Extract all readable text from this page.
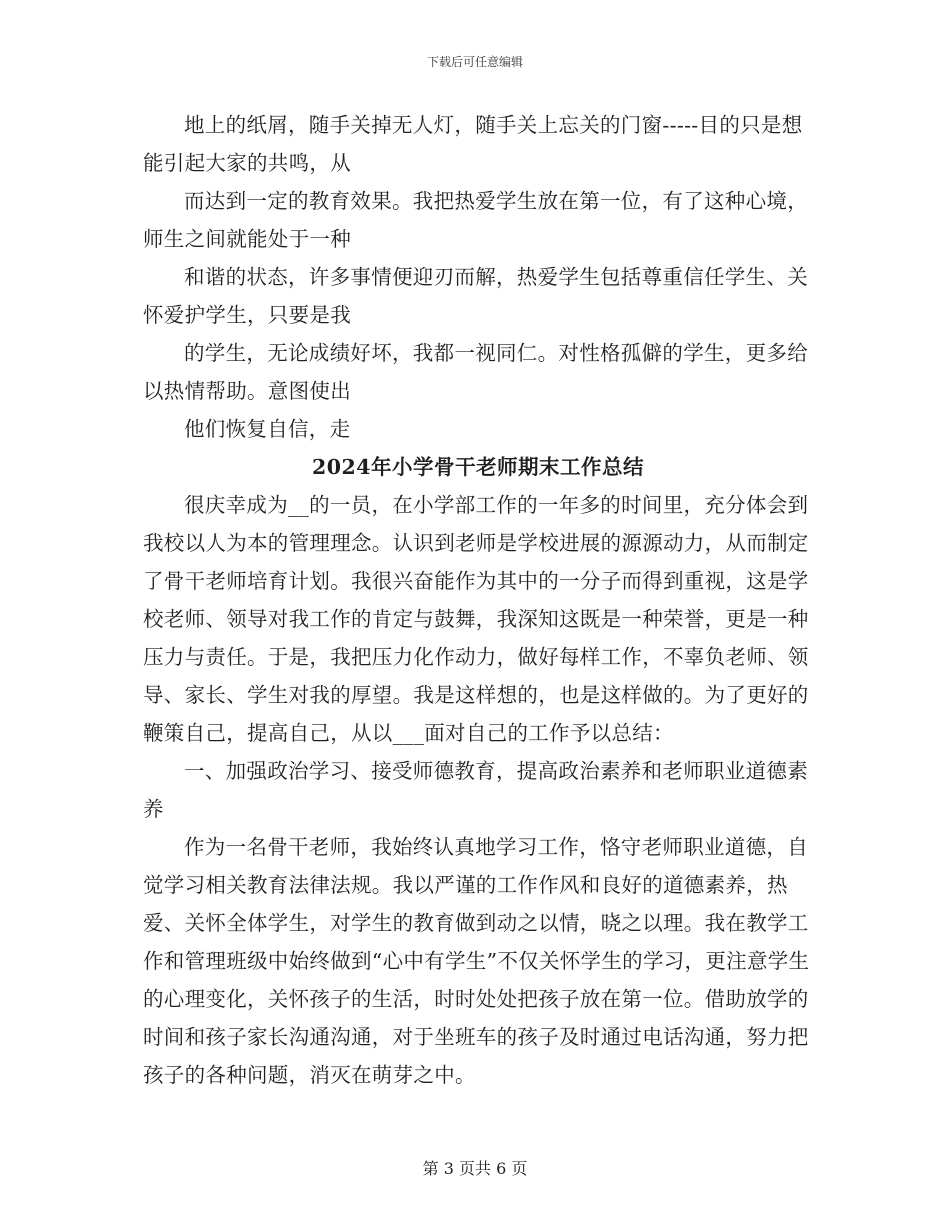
下载后可任意编辑

地上的纸屑，随手关掉无人灯，随手关上忘关的门窗-----目的只是想能引起大家的共鸣，从

而达到一定的教育效果。我把热爱学生放在第一位，有了这种心境，师生之间就能处于一种

和谐的状态，许多事情便迎刃而解，热爱学生包括尊重信任学生、关怀爱护学生，只要是我

的学生，无论成绩好坏，我都一视同仁。对性格孤僻的学生，更多给以热情帮助。意图使出

他们恢复自信，走

2024年小学骨干老师期末工作总结

很庆幸成为__的一员，在小学部工作的一年多的时间里，充分体会到我校以人为本的管理理念。认识到老师是学校进展的源源动力，从而制定了骨干老师培育计划。我很兴奋能作为其中的一分子而得到重视，这是学校老师、领导对我工作的肯定与鼓舞，我深知这既是一种荣誉，更是一种压力与责任。于是，我把压力化作动力，做好每样工作，不辜负老师、领导、家长、学生对我的厚望。我是这样想的，也是这样做的。为了更好的鞭策自己，提高自己，从以___面对自己的工作予以总结：

一、加强政治学习、接受师德教育，提高政治素养和老师职业道德素养

作为一名骨干老师，我始终认真地学习工作，恪守老师职业道德，自觉学习相关教育法律法规。我以严谨的工作作风和良好的道德素养，热爱、关怀全体学生，对学生的教育做到动之以情，晓之以理。我在教学工作和管理班级中始终做到“心中有学生”不仅关怀学生的学习，更注意学生的心理变化，关怀孩子的生活，时时处处把孩子放在第一位。借助放学的时间和孩子家长沟通沟通，对于坐班车的孩子及时通过电话沟通，努力把孩子的各种问题，消灭在萌芽之中。

第 3 页共 6 页
